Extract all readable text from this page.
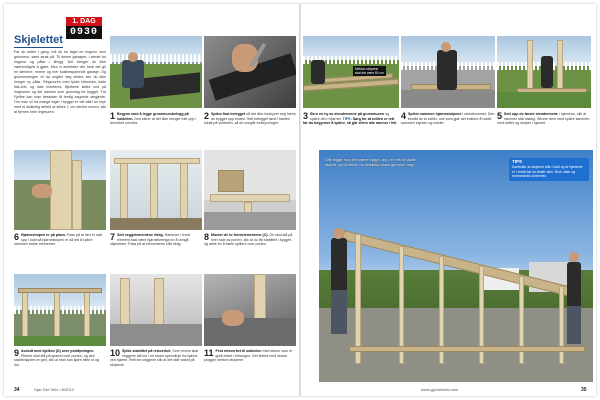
1. DAG
0930
Skjelettet
Før du setter i gang, må du ha laget en ringmur som grunnmur, samt strøk på. Til denne garasjen, i stedet for ringmur og pålar i tillegg. Det trenger du ikke nødvendigvis å gjøre. Men vi anbefaler det, fordi det gir en sterkere, renere og mer kostbesparende garasje. Og grunnmuringen vil da ungåre deg ekstra sen du ikke trenger ny pålar. Ringmuren med tykke reisverks, kalte tids-leel, og lask monteres. Bjelkene lades ned på ringmuren og det dannes som grunnlag for bygget. Fra Fjelltre kan man dessuten få ferdig kappede stegjerde. Om man vil fra mange fuger i bygget er det aldri for mye med et skikkelig arbeid at stikke 1 cm utenfor muren, slik at fjernes hele ringmuren.	1 Begynn med å legge grunnmursbelegg på sokkelen. Den sikrer at det ikke trenger fukt opp i treverket ovenfra.
2 Spikre fast belegget så det ikke forskyver seg mens du bygger opp resten. Sett belegget først i kanten lokalt på sokkelen, så du unngår forskyvninger.
6 Hjørnestolpen er på plass. Pass på at den er satt opp i lodd så hjørnestolpen er så lett å spikre sammen andre elementer.
7 Sett veggelementene riktig. Rammen i hvert element skal være hjørnekeringa for å unngå skjevheter. Pass på at elementene står riktig.
8 Monter de to frontelementene (C). De skal stå på hver side av porten, slik at du får stabilitet i bygget, og dekk for å bære spillere over porten.
9 Avslutt med bjelken (D) over portåpningen. Pirlene skal stå på sparret over porten, og den stablehøyden er grei, slik at man kan kjøre bilen ut og inn.
10 Sjekk stabilitet på reisverket. Som revers skal veggene slå inn i en stram spennlinje fra hjørne ved hjørne. Rett inn veggene slik at det står vinkel på stolpene.
11 Fest reisverket til sokkelen med skruer som er godt festet i betongen. Det festes med skruer plugger mellom stolpene.
34	Gjør Det Selv • 8/2012
Mellom stolpene
skal det være 60 cm
3 Skru en ny av stendermene på grunnmuren og spikre den i hjørnet. TIPS: Sørg for at svillen er rett før du begynner å spikre, så går ellers alle ramner i feil.
4 Spikre sammen hjørnestolpene i stenderverket. Den består av to sviller, noe som gjør det enklere å holde sammen styrken og vinkler.
5 Sett opp de første stendermene i hjørnene, slik at rammen står stødig. Stivere dem med spikre sammen med sviller og stolper i hjørnet.
Ofte legger man trer tværer bygge- opp i en rett, til stabilt skjelett, og så trekke i en skikkelig stramt gjennom vegg.
TIPS
Kontroller at stolpene står i lodd og at hjørnene er i vinkel før du fester dem. Bruk vater og tommestokk underveis.
www.gjordetselv.com	35
